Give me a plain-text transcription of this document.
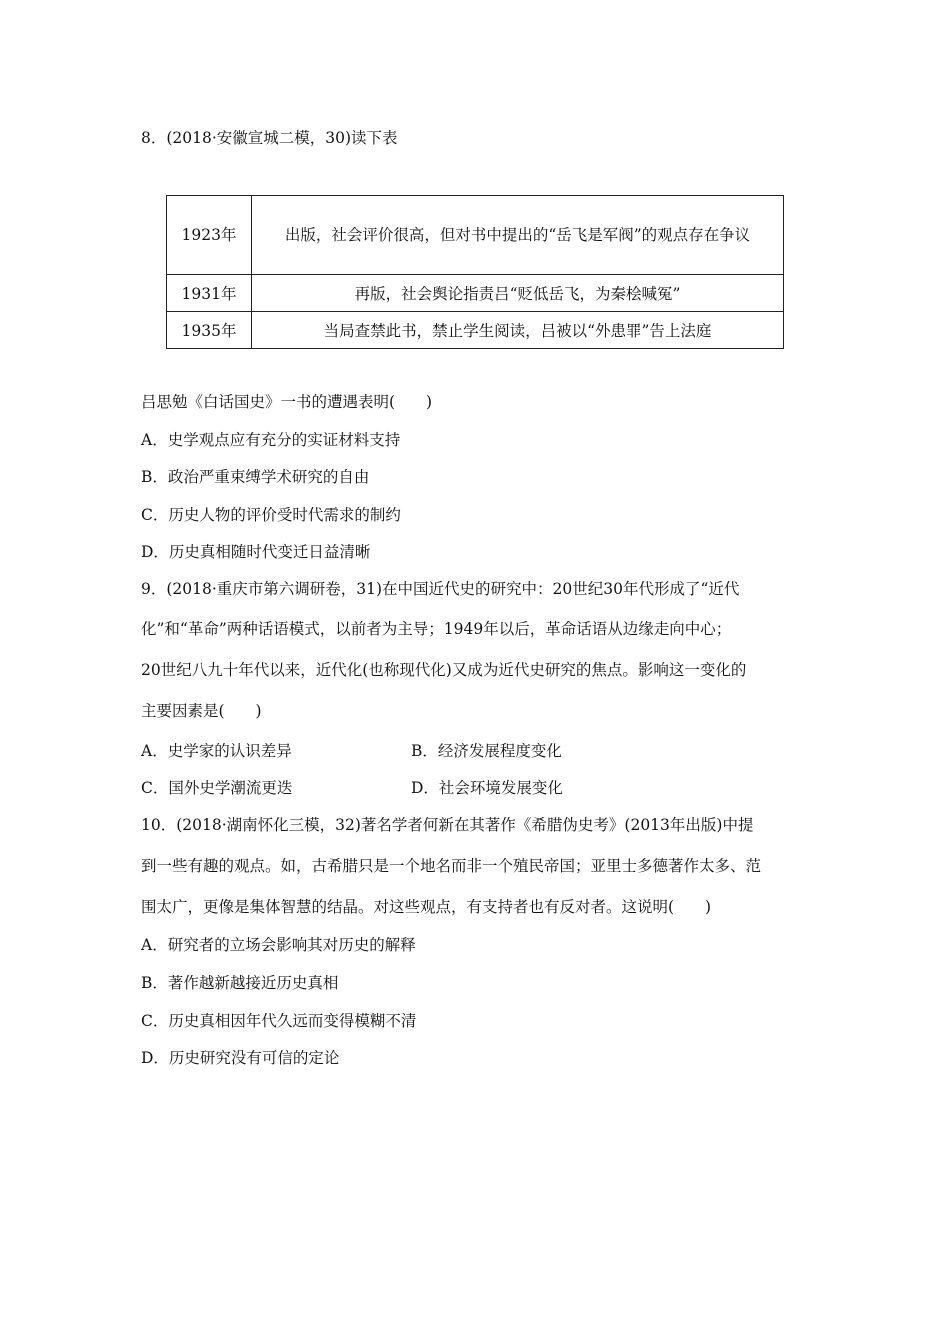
8．(2018·安徽宣城二模，30)读下表
1923年	出版，社会评价很高，但对书中提出的“岳飞是军阀”的观点存在争议
1931年	再版，社会舆论指责吕“贬低岳飞，为秦桧喊冤”
1935年	当局查禁此书，禁止学生阅读，吕被以“外患罪”告上法庭
吕思勉《白话国史》一书的遭遇表明(　　)
A．史学观点应有充分的实证材料支持
B．政治严重束缚学术研究的自由
C．历史人物的评价受时代需求的制约
D．历史真相随时代变迁日益清晰
9．(2018·重庆市第六调研卷，31)在中国近代史的研究中：20世纪30年代形成了“近代
化”和“革命”两种话语模式，以前者为主导；1949年以后，革命话语从边缘走向中心；
20世纪八九十年代以来，近代化(也称现代化)又成为近代史研究的焦点。影响这一变化的
主要因素是(　　)
A．史学家的认识差异	B．经济发展程度变化
C．国外史学潮流更迭	D．社会环境发展变化
10．(2018·湖南怀化三模，32)著名学者何新在其著作《希腊伪史考》(2013年出版)中提
到一些有趣的观点。如，古希腊只是一个地名而非一个殖民帝国；亚里士多德著作太多、范
围太广，更像是集体智慧的结晶。对这些观点，有支持者也有反对者。这说明(　　)
A．研究者的立场会影响其对历史的解释
B．著作越新越接近历史真相
C．历史真相因年代久远而变得模糊不清
D．历史研究没有可信的定论
